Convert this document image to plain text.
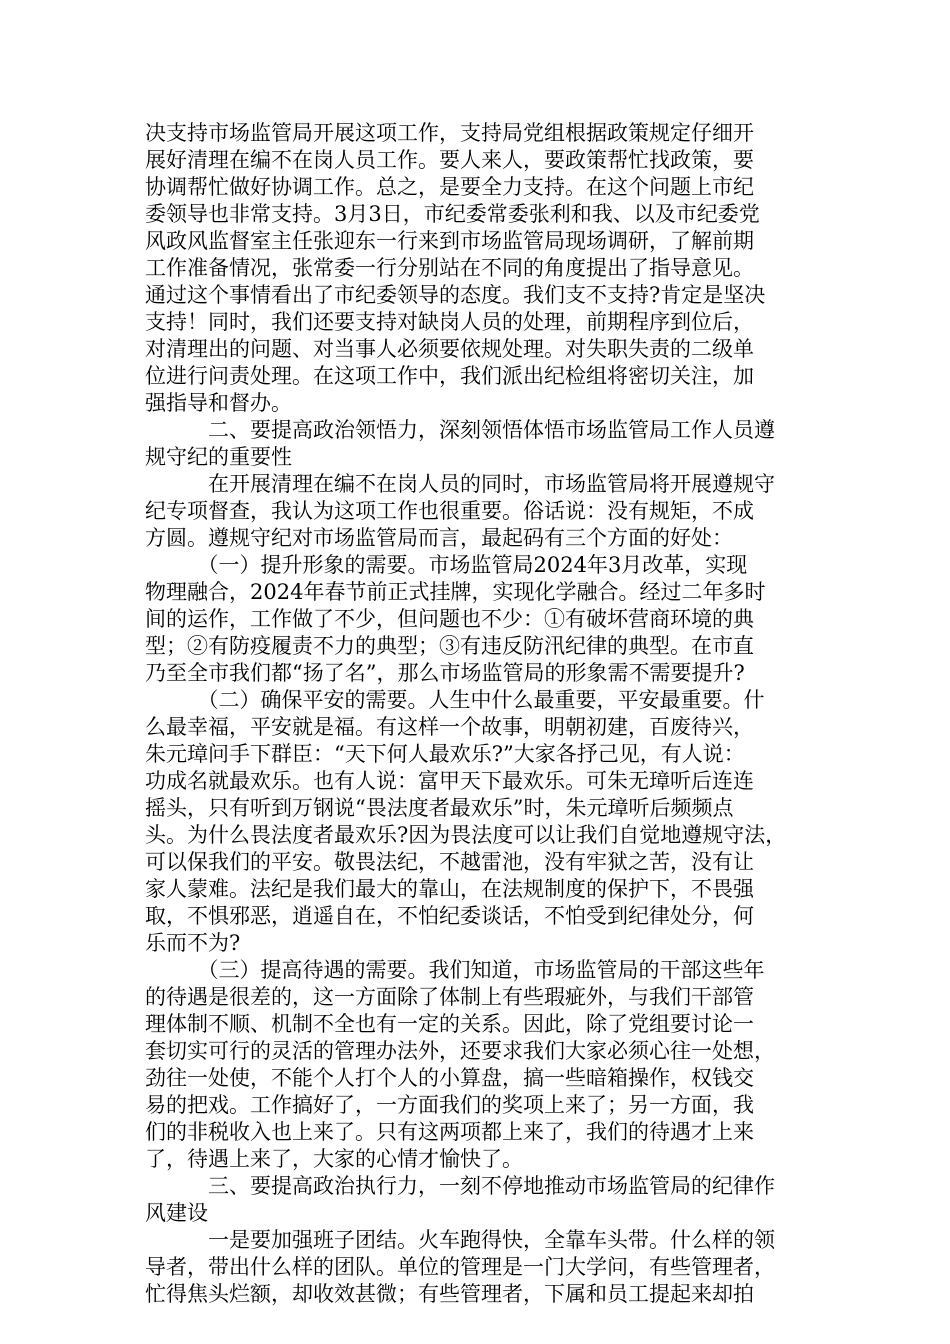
决支持市场监管局开展这项工作，支持局党组根据政策规定仔细开
展好清理在编不在岗人员工作。要人来人，要政策帮忙找政策，要
协调帮忙做好协调工作。总之，是要全力支持。在这个问题上市纪
委领导也非常支持。3月3日，市纪委常委张利和我、以及市纪委党
风政风监督室主任张迎东一行来到市场监管局现场调研，了解前期
工作准备情况，张常委一行分别站在不同的角度提出了指导意见。
通过这个事情看出了市纪委领导的态度。我们支不支持?肯定是坚决
支持！同时，我们还要支持对缺岗人员的处理，前期程序到位后，
对清理出的问题、对当事人必须要依规处理。对失职失责的二级单
位进行问责处理。在这项工作中，我们派出纪检组将密切关注，加
强指导和督办。
　　　二、要提高政治领悟力，深刻领悟体悟市场监管局工作人员遵
规守纪的重要性
　　　在开展清理在编不在岗人员的同时，市场监管局将开展遵规守
纪专项督查，我认为这项工作也很重要。俗话说：没有规矩，不成
方圆。遵规守纪对市场监管局而言，最起码有三个方面的好处：
　　　（一）提升形象的需要。市场监管局2024年3月改革，实现
物理融合，2024年春节前正式挂牌，实现化学融合。经过二年多时
间的运作，工作做了不少，但问题也不少：①有破坏营商环境的典
型；②有防疫履责不力的典型；③有违反防汛纪律的典型。在市直
乃至全市我们都“扬了名”，那么市场监管局的形象需不需要提升?
　　　（二）确保平安的需要。人生中什么最重要，平安最重要。什
么最幸福，平安就是福。有这样一个故事，明朝初建，百废待兴，
朱元璋问手下群臣：“天下何人最欢乐?”大家各抒己见，有人说：
功成名就最欢乐。也有人说：富甲天下最欢乐。可朱无璋听后连连
摇头，只有听到万钢说“畏法度者最欢乐”时，朱元璋听后频频点
头。为什么畏法度者最欢乐?因为畏法度可以让我们自觉地遵规守法，
可以保我们的平安。敬畏法纪，不越雷池，没有牢狱之苦，没有让
家人蒙难。法纪是我们最大的靠山，在法规制度的保护下，不畏强
取，不惧邪恶，逍遥自在，不怕纪委谈话，不怕受到纪律处分，何
乐而不为?
　　　（三）提高待遇的需要。我们知道，市场监管局的干部这些年
的待遇是很差的，这一方面除了体制上有些瑕疵外，与我们干部管
理体制不顺、机制不全也有一定的关系。因此，除了党组要讨论一
套切实可行的灵活的管理办法外，还要求我们大家必须心往一处想，
劲往一处使，不能个人打个人的小算盘，搞一些暗箱操作，权钱交
易的把戏。工作搞好了，一方面我们的奖项上来了；另一方面，我
们的非税收入也上来了。只有这两项都上来了，我们的待遇才上来
了，待遇上来了，大家的心情才愉快了。
　　　三、要提高政治执行力，一刻不停地推动市场监管局的纪律作
风建设
　　　一是要加强班子团结。火车跑得快，全靠车头带。什么样的领
导者，带出什么样的团队。单位的管理是一门大学问，有些管理者，
忙得焦头烂额，却收效甚微；有些管理者，下属和员工提起来却拍
